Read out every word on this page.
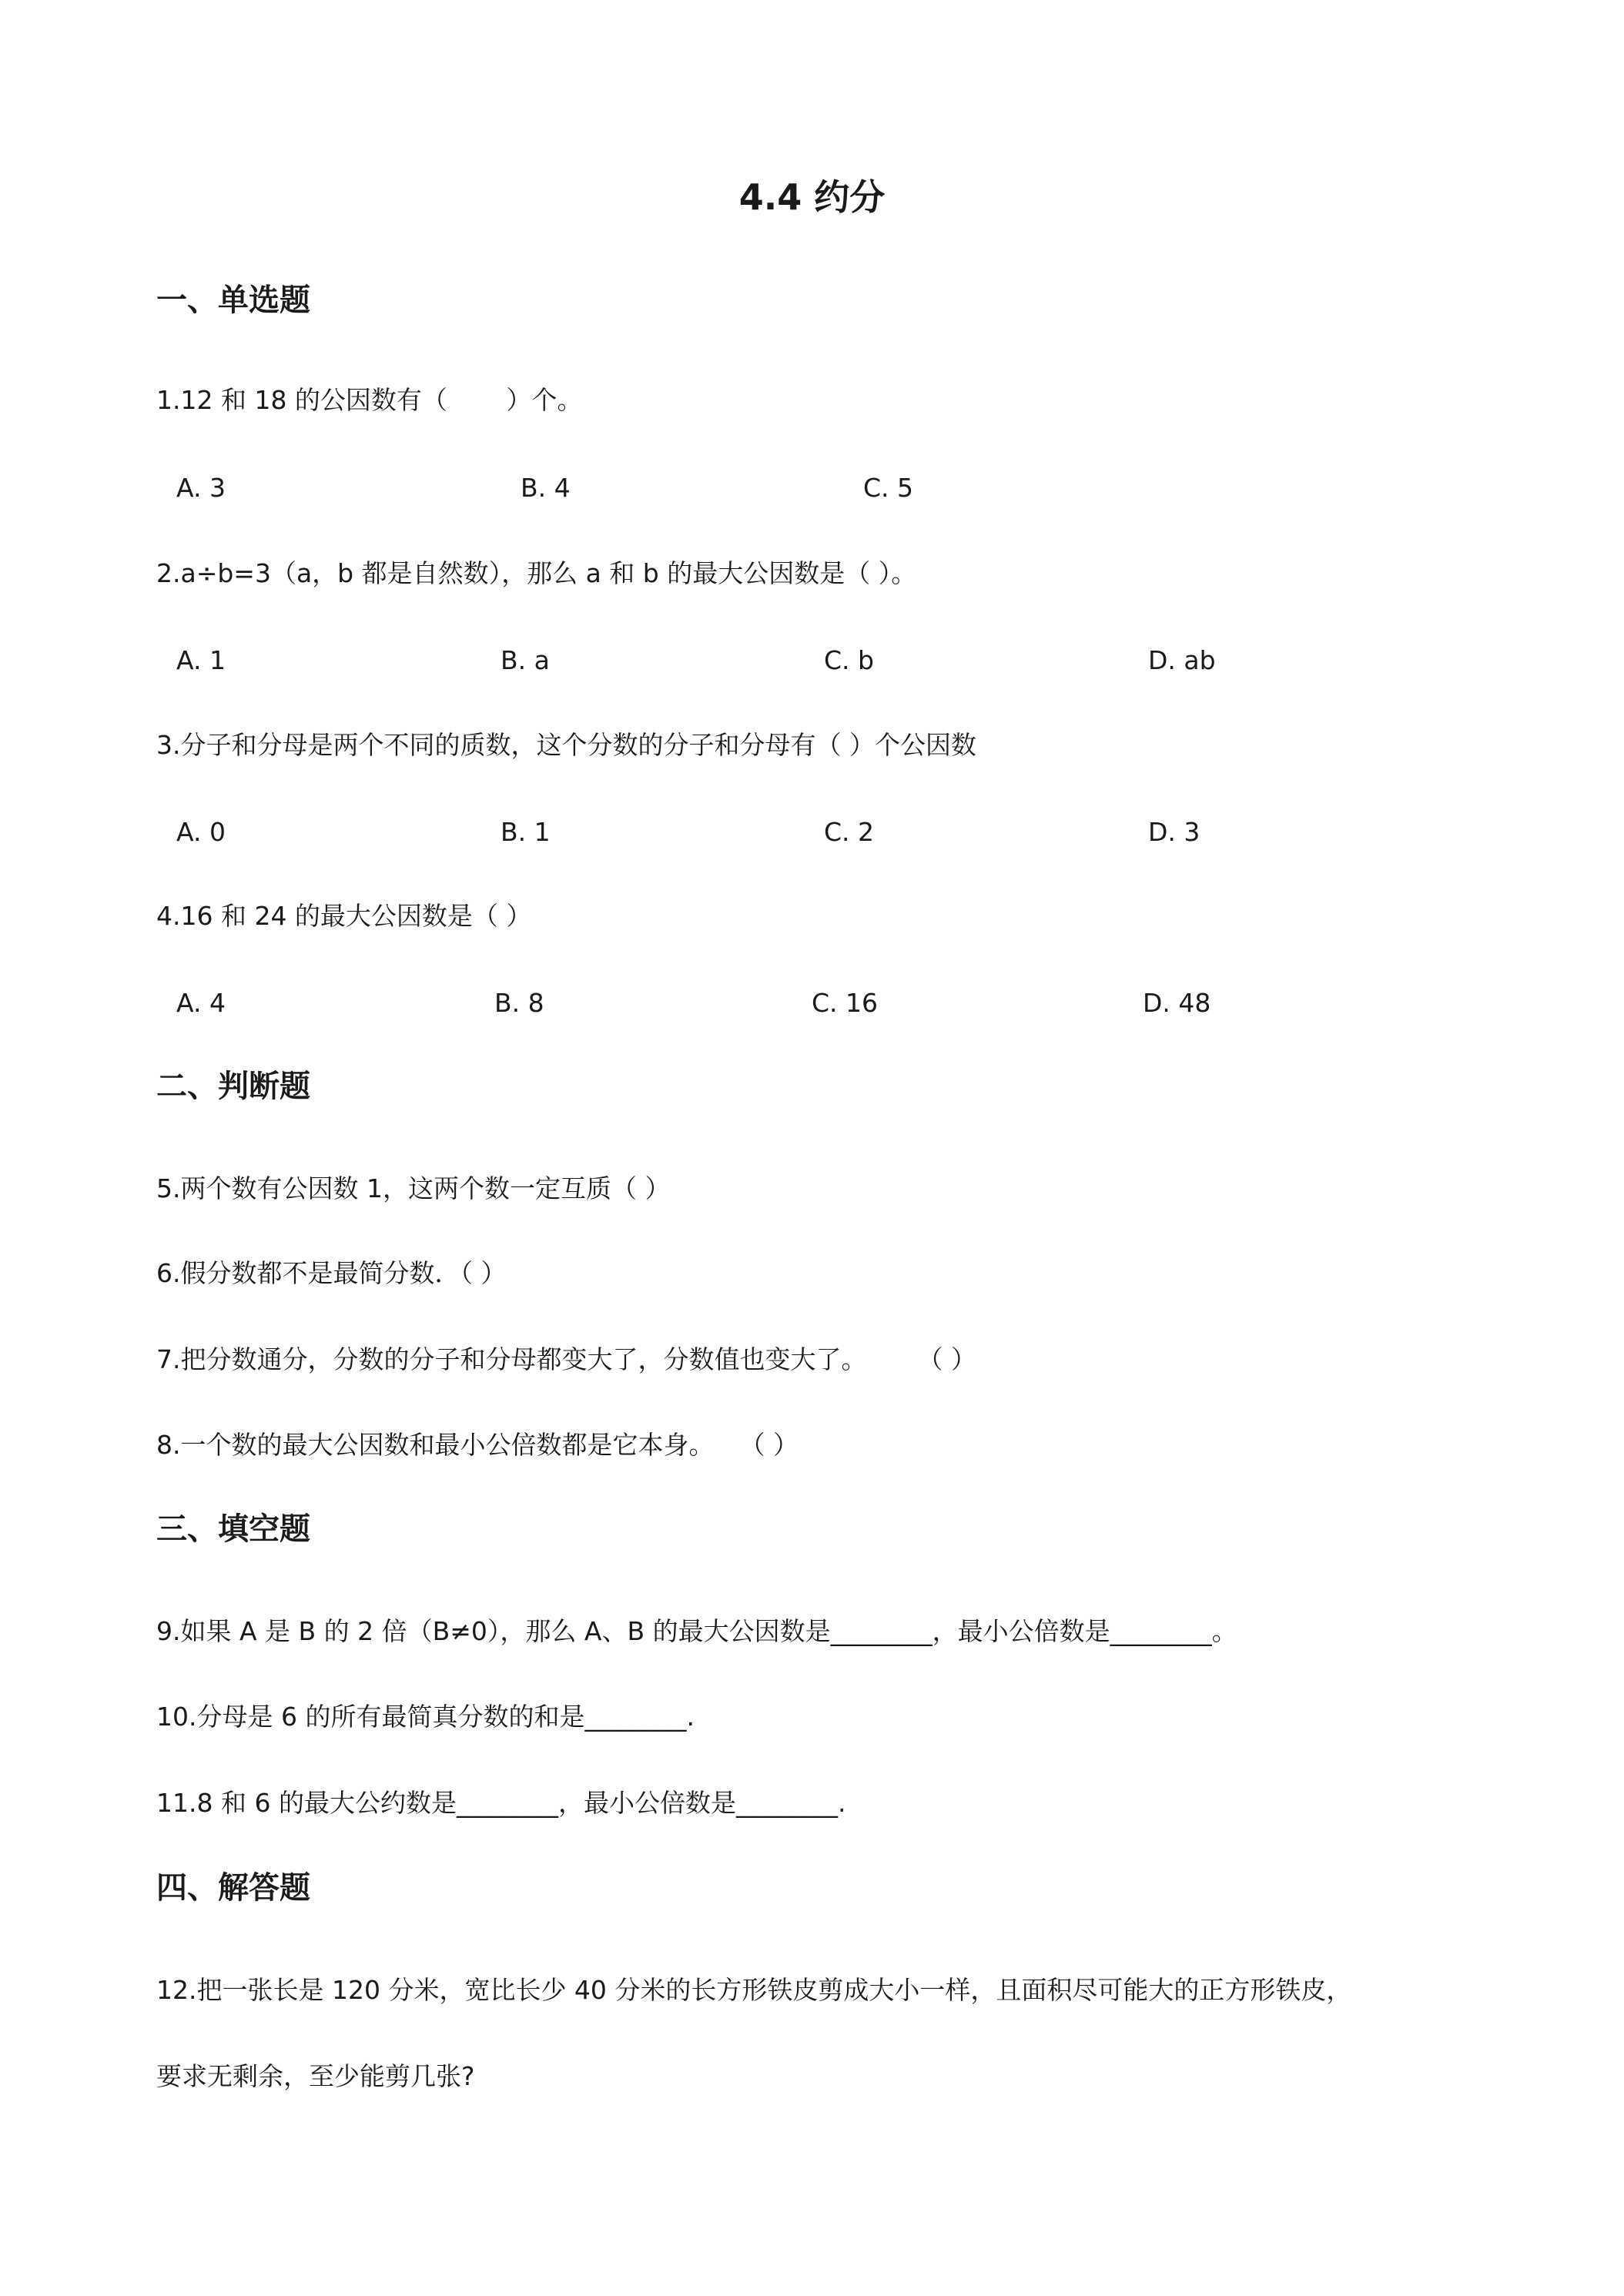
4.4 约分
一、单选题
1.12 和 18 的公因数有（　　 ）个。
A. 3	B. 4	C. 5
2.a÷b=3（a，b 都是自然数），那么 a 和 b 的最大公因数是（ ）。
A. 1	B. a	C. b	D. ab
3.分子和分母是两个不同的质数，这个分数的分子和分母有（ ）个公因数
A. 0	B. 1	C. 2	D. 3
4.16 和 24 的最大公因数是（ ）
A. 4	B. 8	C. 16	D. 48
二、判断题
5.两个数有公因数 1，这两个数一定互质（ ）
6.假分数都不是最简分数．（ ）
7.把分数通分，分数的分子和分母都变大了，分数值也变大了。　　　（ ）
8.一个数的最大公因数和最小公倍数都是它本身。　　（ ）
三、填空题
9.如果 A 是 B 的 2 倍（B≠0），那么 A、B 的最大公因数是________，最小公倍数是________。
10.分母是 6 的所有最简真分数的和是________.
11.8 和 6 的最大公约数是________，最小公倍数是________.
四、解答题
12.把一张长是 120 分米，宽比长少 40 分米的长方形铁皮剪成大小一样，且面积尽可能大的正方形铁皮，
要求无剩余，至少能剪几张?
